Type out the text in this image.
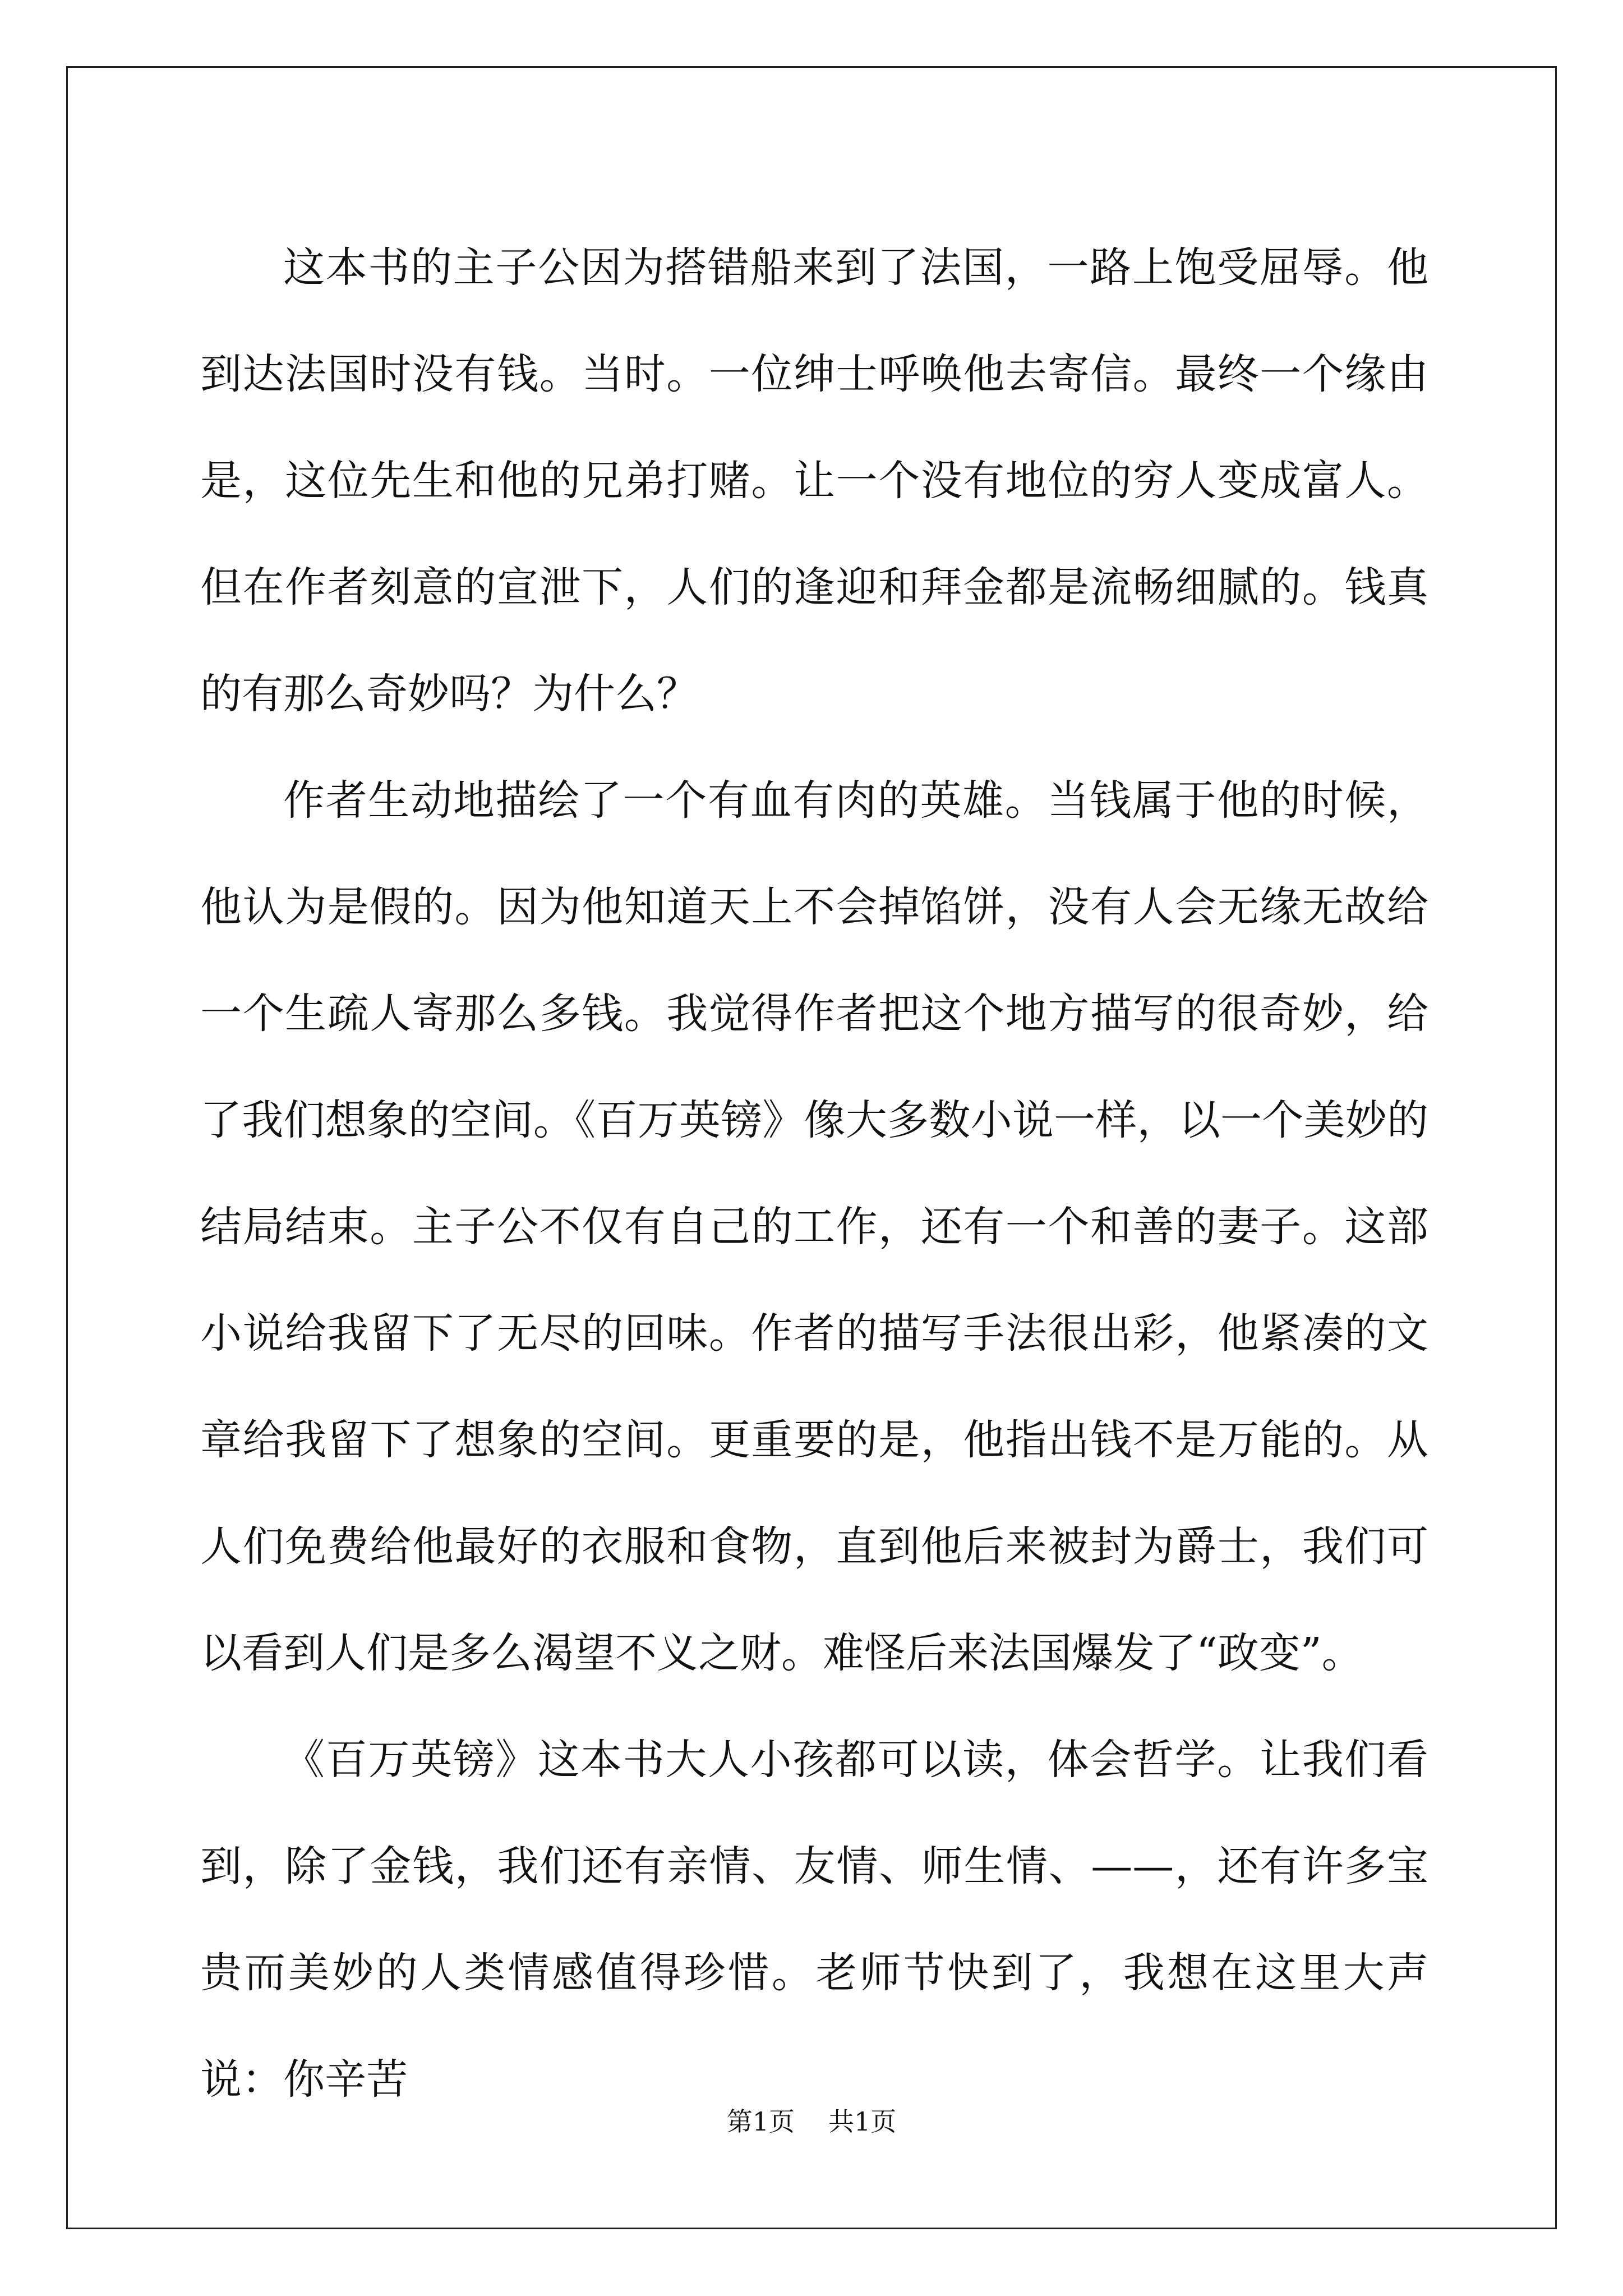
这本书的主子公因为搭错船来到了法国，一路上饱受屈辱。他到达法国时没有钱。当时。一位绅士呼唤他去寄信。最终一个缘由是，这位先生和他的兄弟打赌。让一个没有地位的穷人变成富人。但在作者刻意的宣泄下，人们的逢迎和拜金都是流畅细腻的。钱真的有那么奇妙吗？为什么？

作者生动地描绘了一个有血有肉的英雄。当钱属于他的时候，他认为是假的。因为他知道天上不会掉馅饼，没有人会无缘无故给一个生疏人寄那么多钱。我觉得作者把这个地方描写的很奇妙，给了我们想象的空间。《百万英镑》像大多数小说一样，以一个美妙的结局结束。主子公不仅有自己的工作，还有一个和善的妻子。这部小说给我留下了无尽的回味。作者的描写手法很出彩，他紧凑的文章给我留下了想象的空间。更重要的是，他指出钱不是万能的。从人们免费给他最好的衣服和食物，直到他后来被封为爵士，我们可以看到人们是多么渴望不义之财。难怪后来法国爆发了“政变”。

《百万英镑》这本书大人小孩都可以读，体会哲学。让我们看到，除了金钱，我们还有亲情、友情、师生情、——，还有许多宝贵而美妙的人类情感值得珍惜。老师节快到了，我想在这里大声说：你辛苦

第1页 共1页
